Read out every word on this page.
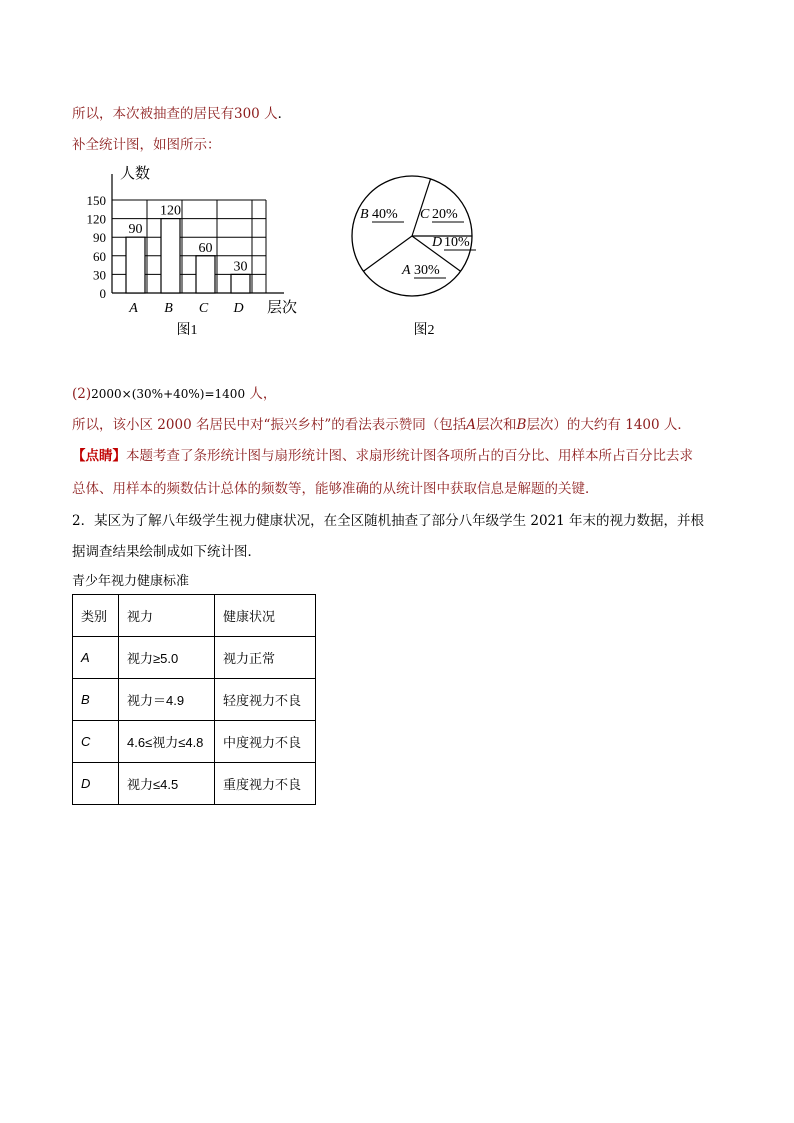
所以，本次被抽查的居民有300 人．
补全统计图，如图所示：
人数
层次
0
30
60
90
120
150
90
A
120
B
60
C
30
D
图1
A 30%
B 40% C 20%
D 10%
图2
(2)2000×(30%+40%)=1400 人，
所以，该小区 2000 名居民中对“振兴乡村”的看法表示赞同（包括A层次和B层次）的大约有 1400 人．
【点睛】本题考查了条形统计图与扇形统计图、求扇形统计图各项所占的百分比、用样本所占百分比去求
总体、用样本的频数估计总体的频数等，能够准确的从统计图中获取信息是解题的关键．
2．某区为了解八年级学生视力健康状况，在全区随机抽查了部分八年级学生 2021 年末的视力数据，并根
据调查结果绘制成如下统计图．
青少年视力健康标准
类别	视力	健康状况
A	视力≥5.0	视力正常
B	视力＝4.9	轻度视力不良
C	4.6≤视力≤4.8	中度视力不良
D	视力≤4.5	重度视力不良
